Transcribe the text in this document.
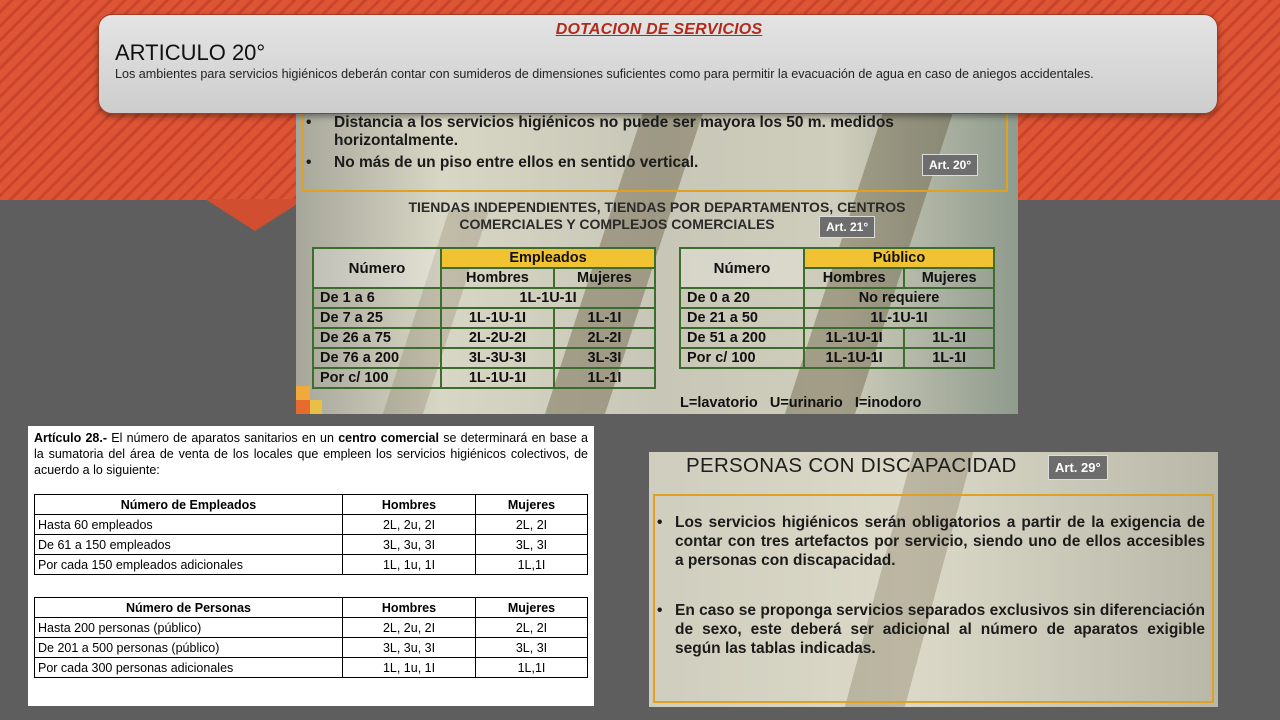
• Distancia a los servicios higiénicos no puede ser mayora los 50 m. medidos horizontalmente.
• No más de un piso entre ellos en sentido vertical.	Art. 20°
TIENDAS INDEPENDIENTES, TIENDAS POR DEPARTAMENTOS, CENTROS
COMERCIALES Y COMPLEJOS COMERCIALES	Art. 21°
Número	Empleados	
	Hombres	Mujeres
De 1 a 6	1L-1U-1I	
De 7 a 25	1L-1U-1I	1L-1I
De 26 a 75	2L-2U-2I	2L-2I
De 76 a 200	3L-3U-3I	3L-3I
Por c/ 100	1L-1U-1I	1L-1I
Número	Público	
	Hombres	Mujeres
De 0 a 20	No requiere	
De 21 a 50	1L-1U-1I	
De 51 a 200	1L-1U-1I	1L-1I
Por c/ 100	1L-1U-1I	1L-1I
L=lavatorio   U=urinario   I=inodoro
DOTACION DE SERVICIOS
ARTICULO 20°
Los ambientes para servicios higiénicos deberán contar con sumideros de dimensiones suficientes como para permitir la evacuación de agua en caso de aniegos accidentales.

Artículo 28.- El número de aparatos sanitarios en un centro comercial se determinará en base a la sumatoria del área de venta de los locales que empleen los servicios higiénicos colectivos, de acuerdo a lo siguiente:

Número de Empleados	Hombres	Mujeres
Hasta 60 empleados	2L, 2u, 2I	2L, 2I
De 61 a 150 empleados	3L, 3u, 3I	3L, 3I
Por cada 150 empleados adicionales	1L, 1u, 1I	1L,1I
Número de Personas	Hombres	Mujeres
Hasta 200 personas (público)	2L, 2u, 2I	2L, 2I
De 201 a 500 personas (público)	3L, 3u, 3I	3L, 3I
Por cada 300 personas adicionales	1L, 1u, 1I	1L,1I
PERSONAS CON DISCAPACIDAD	Art. 29°
• Los servicios higiénicos serán obligatorios a partir de la exigencia de contar con tres artefactos por servicio, siendo uno de ellos accesibles a personas con discapacidad.
• En caso se proponga servicios separados exclusivos sin diferenciación de sexo, este deberá ser adicional al número de aparatos exigible según las tablas indicadas.
